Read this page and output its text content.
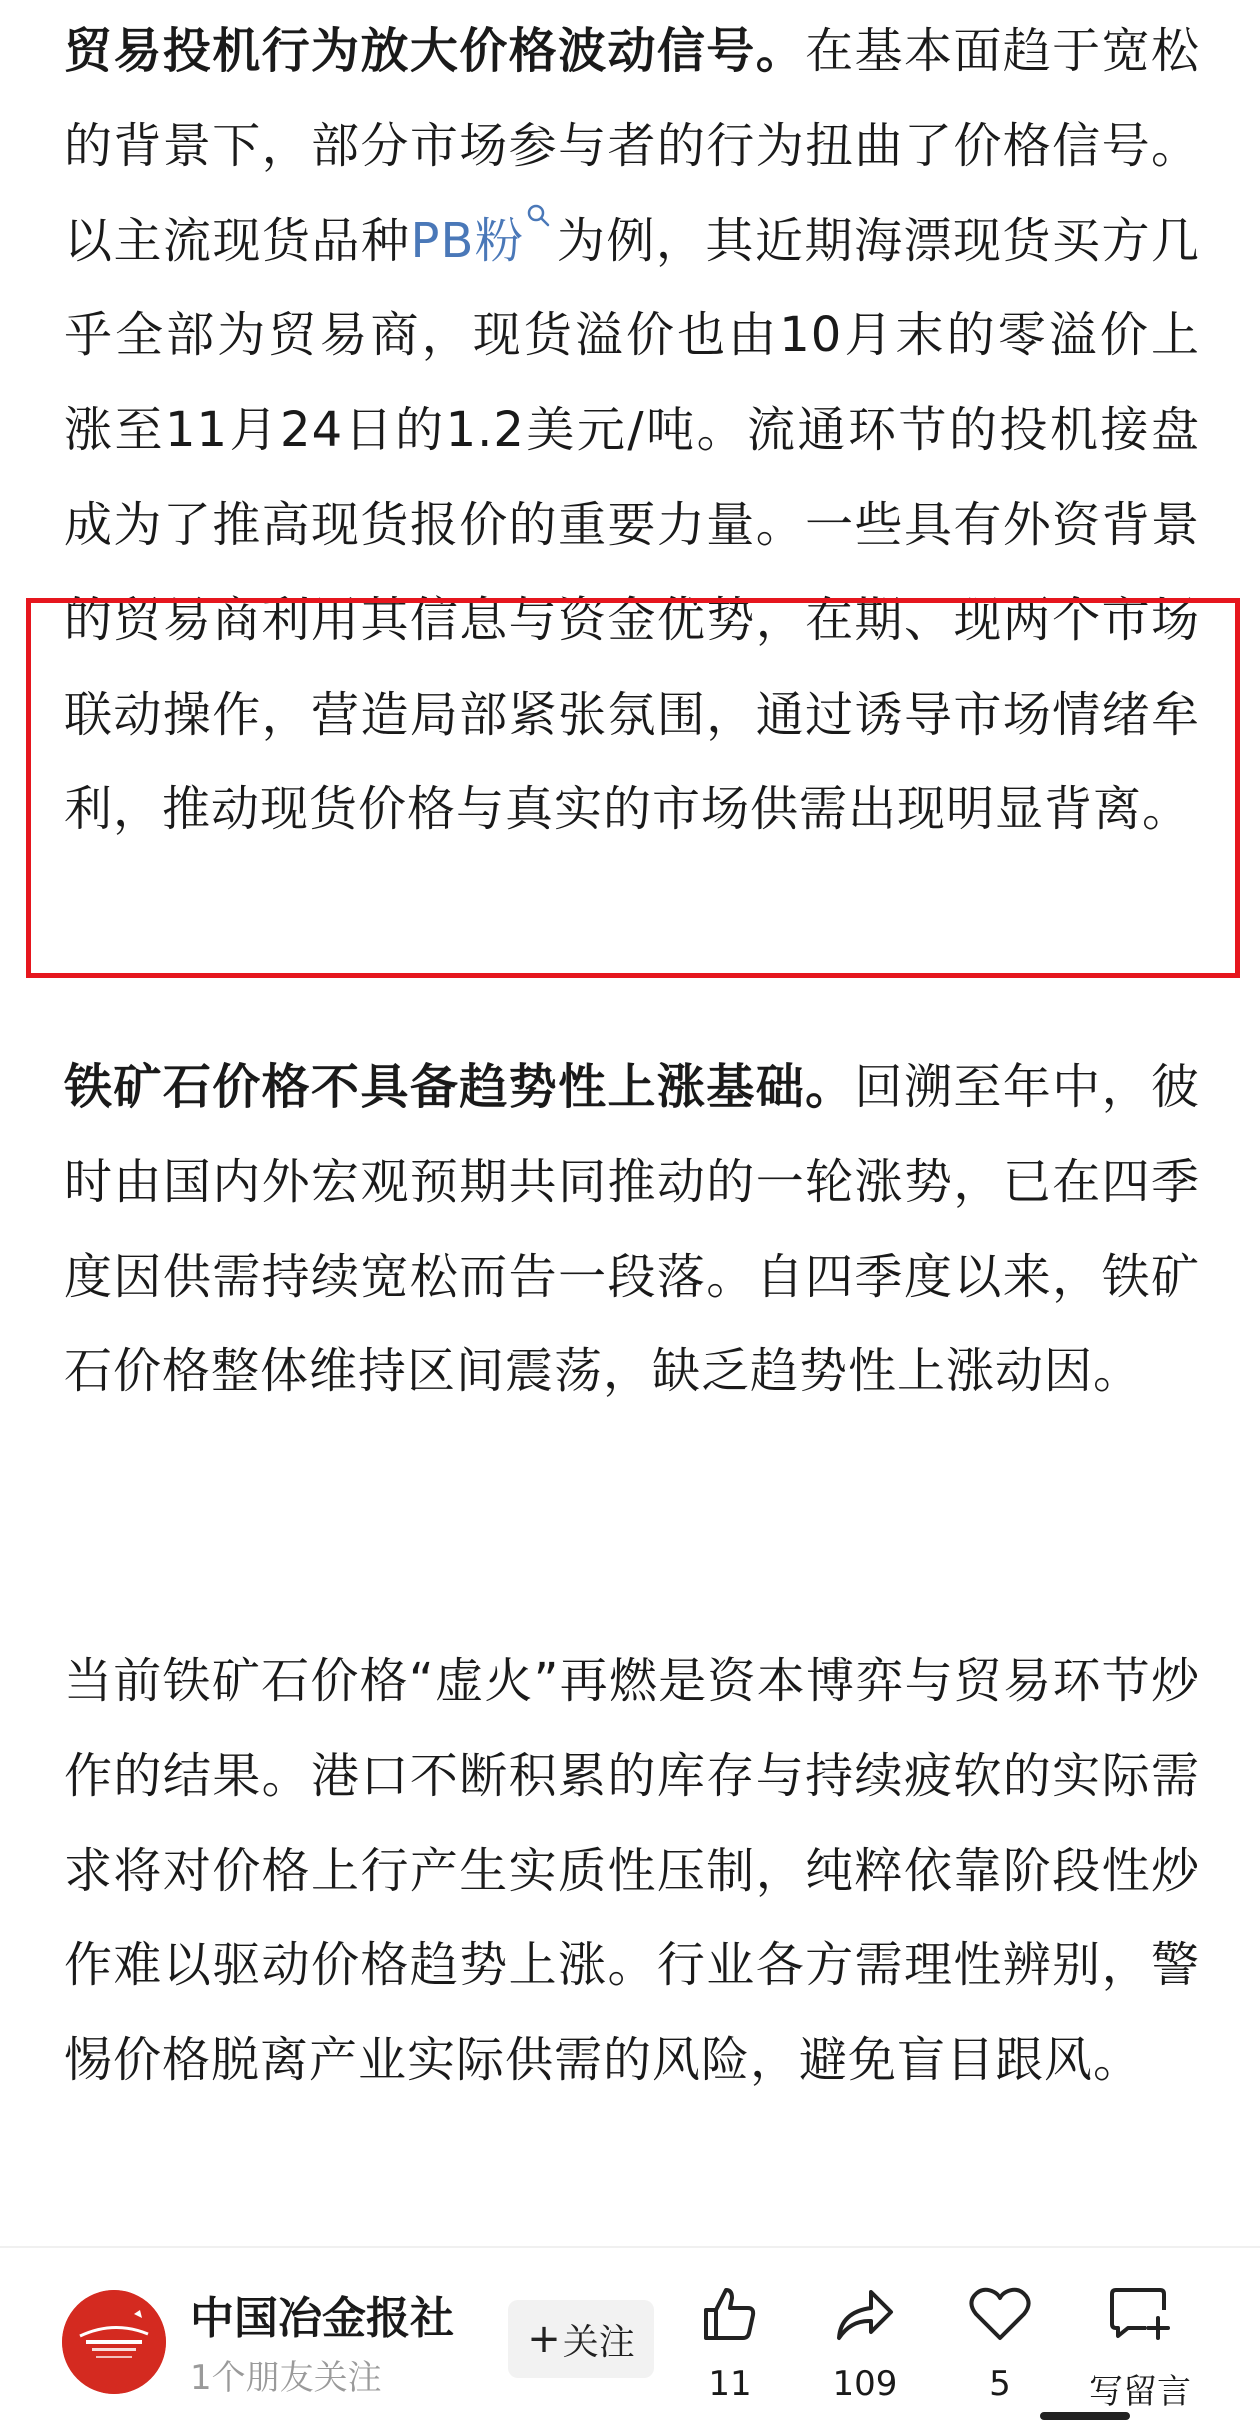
贸易投机行为放大价格波动信号。在基本面趋于宽松的背景下，部分市场参与者的行为扭曲了价格信号。以主流现货品种PB粉 为例，其近期海漂现货买方几乎全部为贸易商，现货溢价也由10月末的零溢价上涨至11月24日的1.2美元/吨。流通环节的投机接盘成为了推高现货报价的重要力量。一些具有外资背景的贸易商利用其信息与资金优势，在期、现两个市场联动操作，营造局部紧张氛围，通过诱导市场情绪牟利，推动现货价格与真实的市场供需出现明显背离。

铁矿石价格不具备趋势性上涨基础。回溯至年中，彼时由国内外宏观预期共同推动的一轮涨势，已在四季度因供需持续宽松而告一段落。自四季度以来，铁矿石价格整体维持区间震荡，缺乏趋势性上涨动因。

当前铁矿石价格“虚火”再燃是资本博弈与贸易环节炒作的结果。港口不断积累的库存与持续疲软的实际需求将对价格上行产生实质性压制，纯粹依靠阶段性炒作难以驱动价格趋势上涨。行业各方需理性辨别，警惕价格脱离产业实际供需的风险，避免盲目跟风。

中国冶金报社
1个朋友关注
+ 关注
11	109	5	写留言
